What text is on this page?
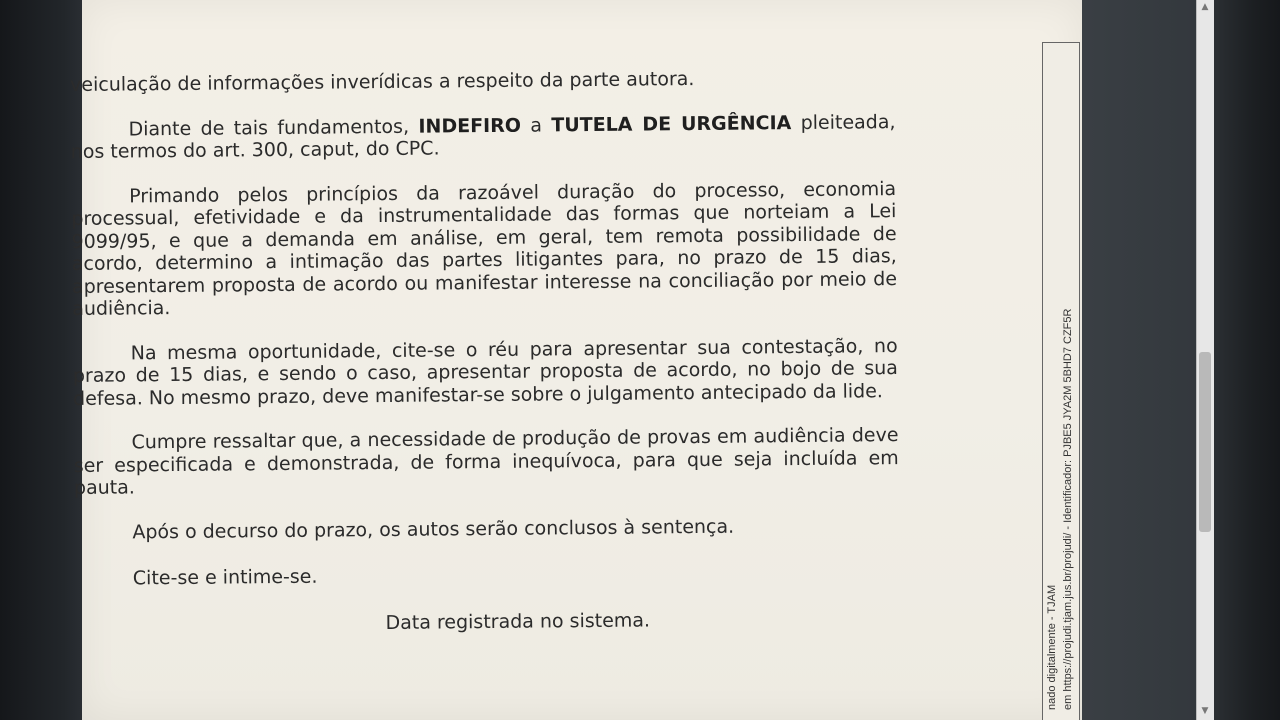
veiculação de informações inverídicas a respeito da parte autora.

Diante de tais fundamentos, INDEFIRO a TUTELA DE URGÊNCIA pleiteada, nos termos do art. 300, caput, do CPC.

Primando pelos princípios da razoável duração do processo, economia processual, efetividade e da instrumentalidade das formas que norteiam a Lei 9099/95, e que a demanda em análise, em geral, tem remota possibilidade de acordo, determino a intimação das partes litigantes para, no prazo de 15 dias, apresentarem proposta de acordo ou manifestar interesse na conciliação por meio de audiência.

Na mesma oportunidade, cite-se o réu para apresentar sua contestação, no prazo de 15 dias, e sendo o caso, apresentar proposta de acordo, no bojo de sua defesa. No mesmo prazo, deve manifestar-se sobre o julgamento antecipado da lide.

Cumpre ressaltar que, a necessidade de produção de provas em audiência deve ser especificada e demonstrada, de forma inequívoca, para que seja incluída em pauta.

Após o decurso do prazo, os autos serão conclusos à sentença.

Cite-se e intime-se.

Data registrada no sistema.	nado digitalmente - TJAM em https://projudi.tjam.jus.br/projudi/ - Identificador: PJBE5 JYA2M 5BHD7 CZF5R
▲
▼
